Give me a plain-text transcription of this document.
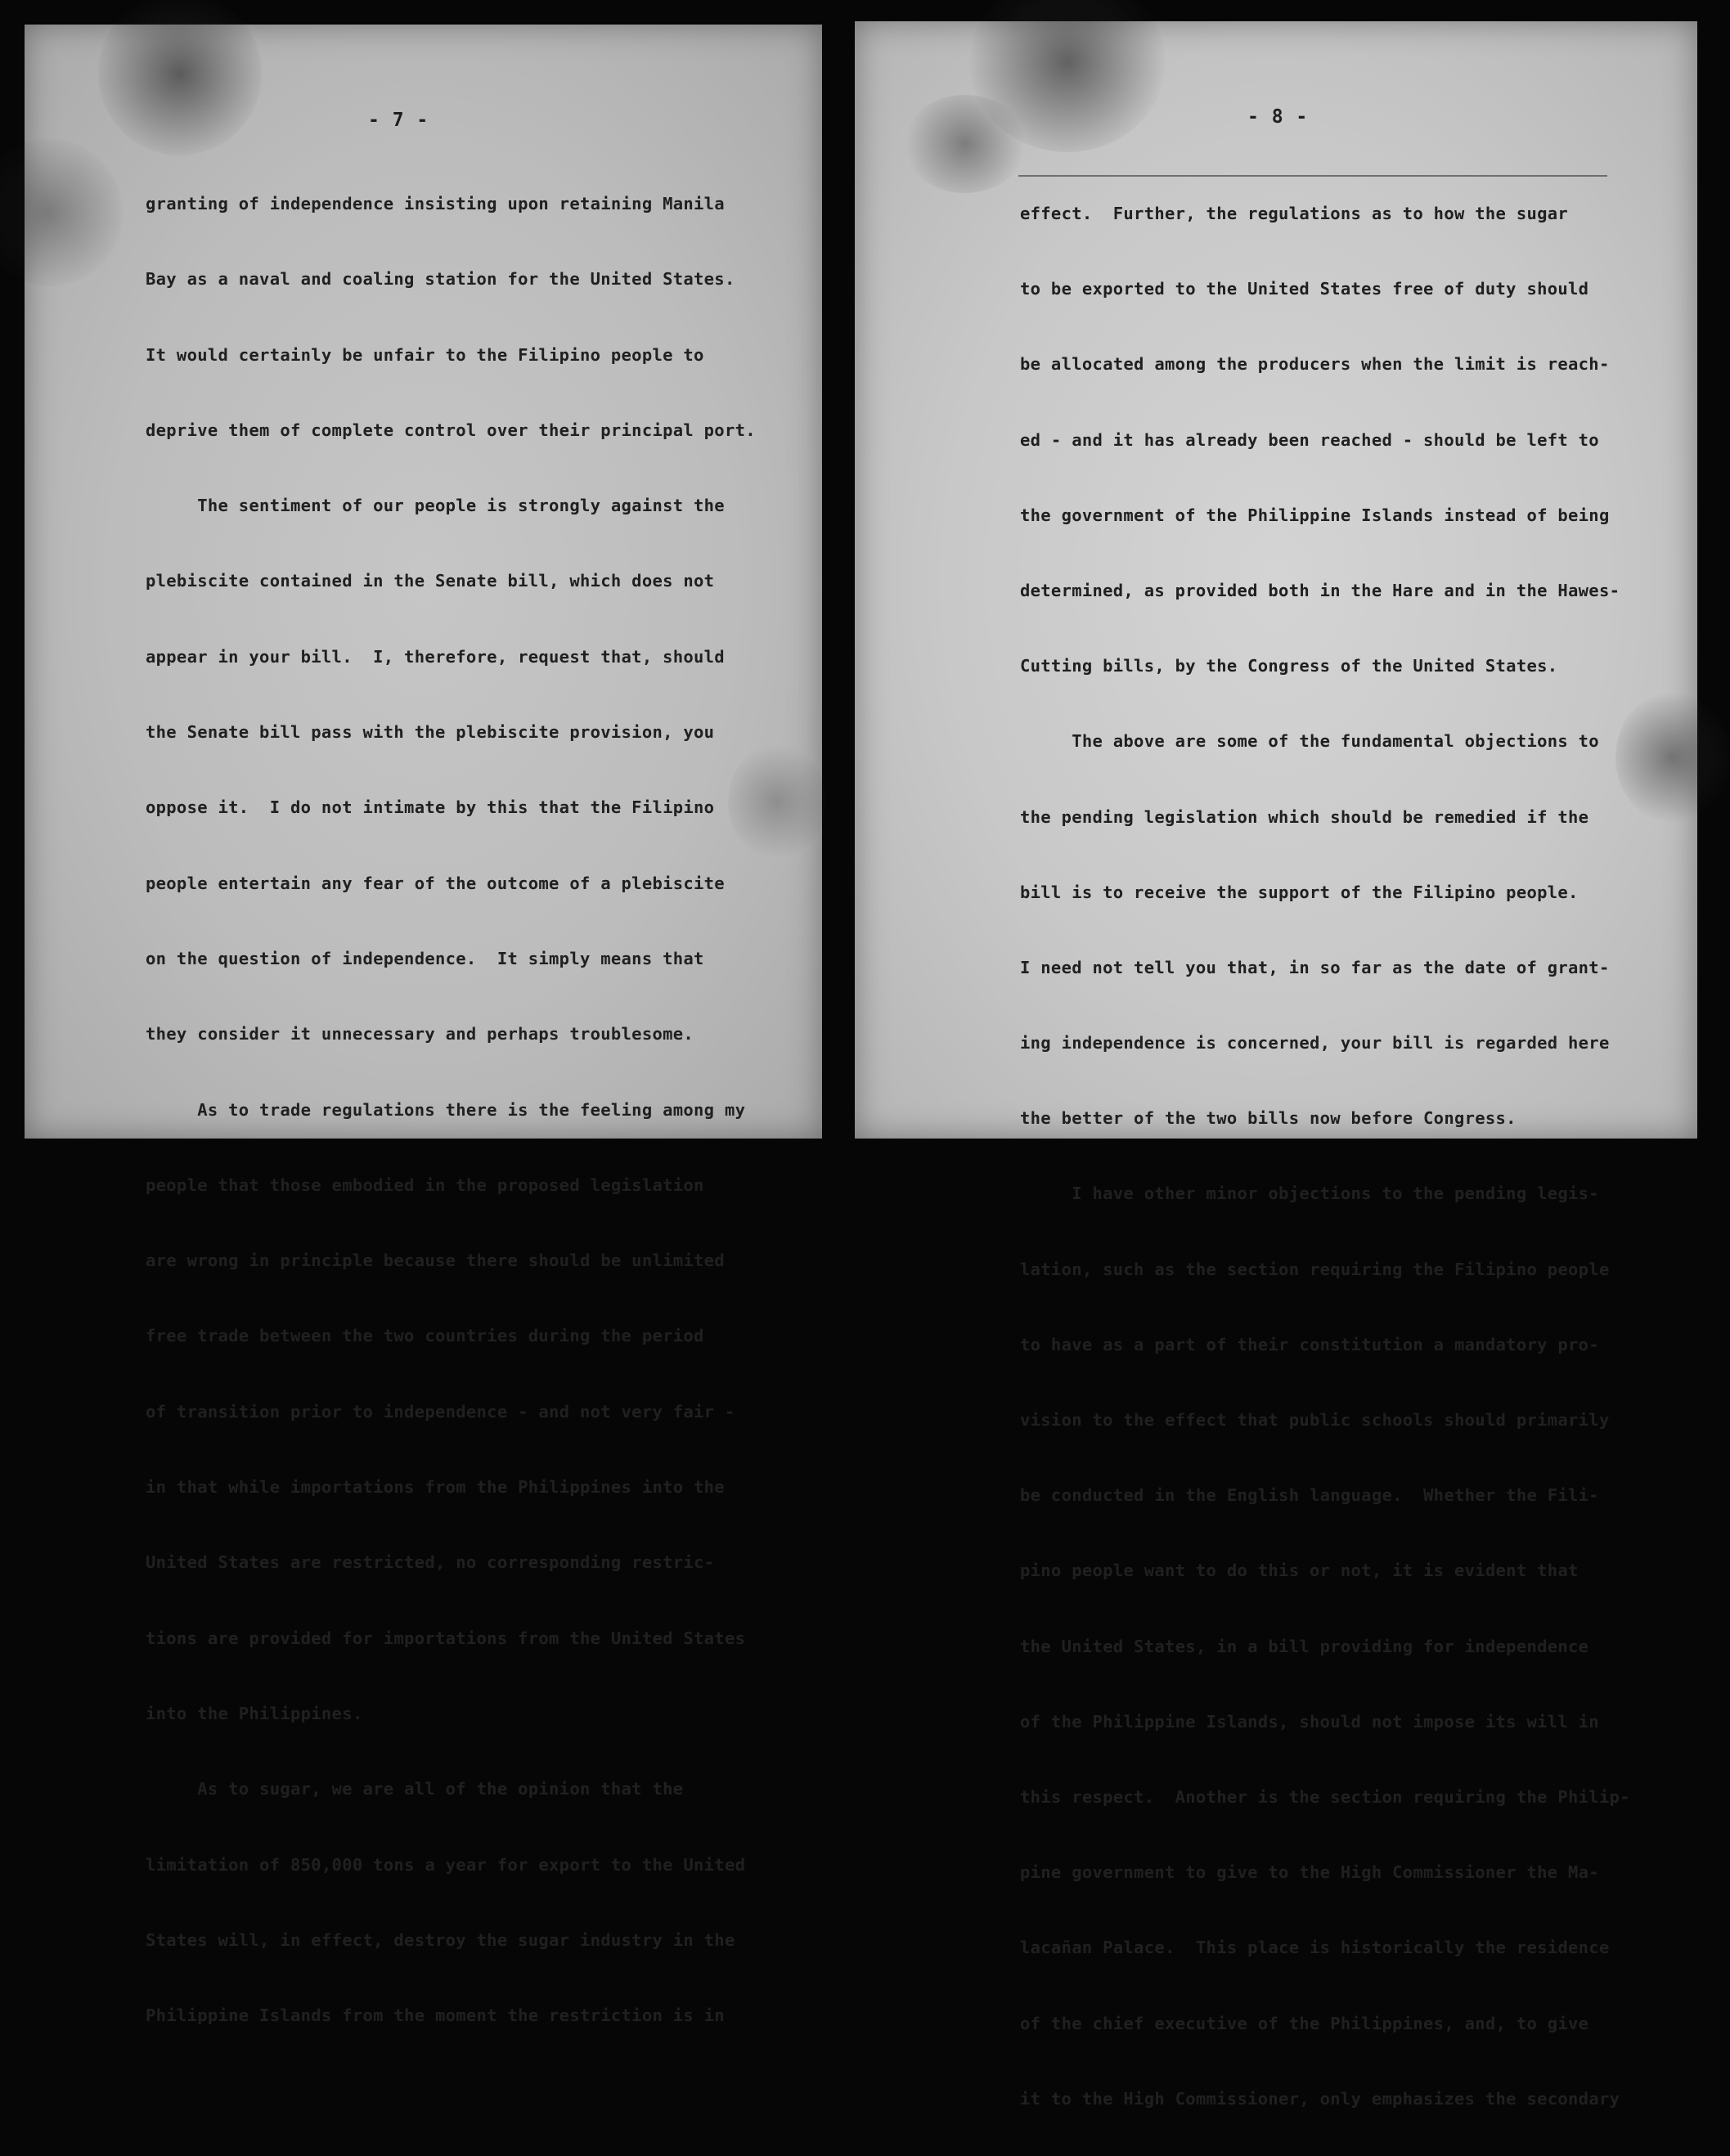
- 7 -

granting of independence insisting upon retaining Manila

Bay as a naval and coaling station for the United States.

It would certainly be unfair to the Filipino people to

deprive them of complete control over their principal port.

The sentiment of our people is strongly against the

plebiscite contained in the Senate bill, which does not

appear in your bill.  I, therefore, request that, should

the Senate bill pass with the plebiscite provision, you

oppose it.  I do not intimate by this that the Filipino

people entertain any fear of the outcome of a plebiscite

on the question of independence.  It simply means that

they consider it unnecessary and perhaps troublesome.

As to trade regulations there is the feeling among my

people that those embodied in the proposed legislation

are wrong in principle because there should be unlimited

free trade between the two countries during the period

of transition prior to independence - and not very fair -

in that while importations from the Philippines into the

United States are restricted, no corresponding restric-

tions are provided for importations from the United States

into the Philippines.

As to sugar, we are all of the opinion that the

limitation of 850,000 tons a year for export to the United

States will, in effect, destroy the sugar industry in the

Philippine Islands from the moment the restriction is in

- 8 -

effect.  Further, the regulations as to how the sugar

to be exported to the United States free of duty should

be allocated among the producers when the limit is reach-

ed - and it has already been reached - should be left to

the government of the Philippine Islands instead of being

determined, as provided both in the Hare and in the Hawes-

Cutting bills, by the Congress of the United States.

The above are some of the fundamental objections to

the pending legislation which should be remedied if the

bill is to receive the support of the Filipino people.

I need not tell you that, in so far as the date of grant-

ing independence is concerned, your bill is regarded here

the better of the two bills now before Congress.

I have other minor objections to the pending legis-

lation, such as the section requiring the Filipino people

to have as a part of their constitution a mandatory pro-

vision to the effect that public schools should primarily

be conducted in the English language.  Whether the Fili-

pino people want to do this or not, it is evident that

the United States, in a bill providing for independence

of the Philippine Islands, should not impose its will in

this respect.  Another is the section requiring the Philip-

pine government to give to the High Commissioner the Ma-

lacañan Palace.  This place is historically the residence

of the chief executive of the Philippines, and, to give

it to the High Commissioner, only emphasizes the secondary
